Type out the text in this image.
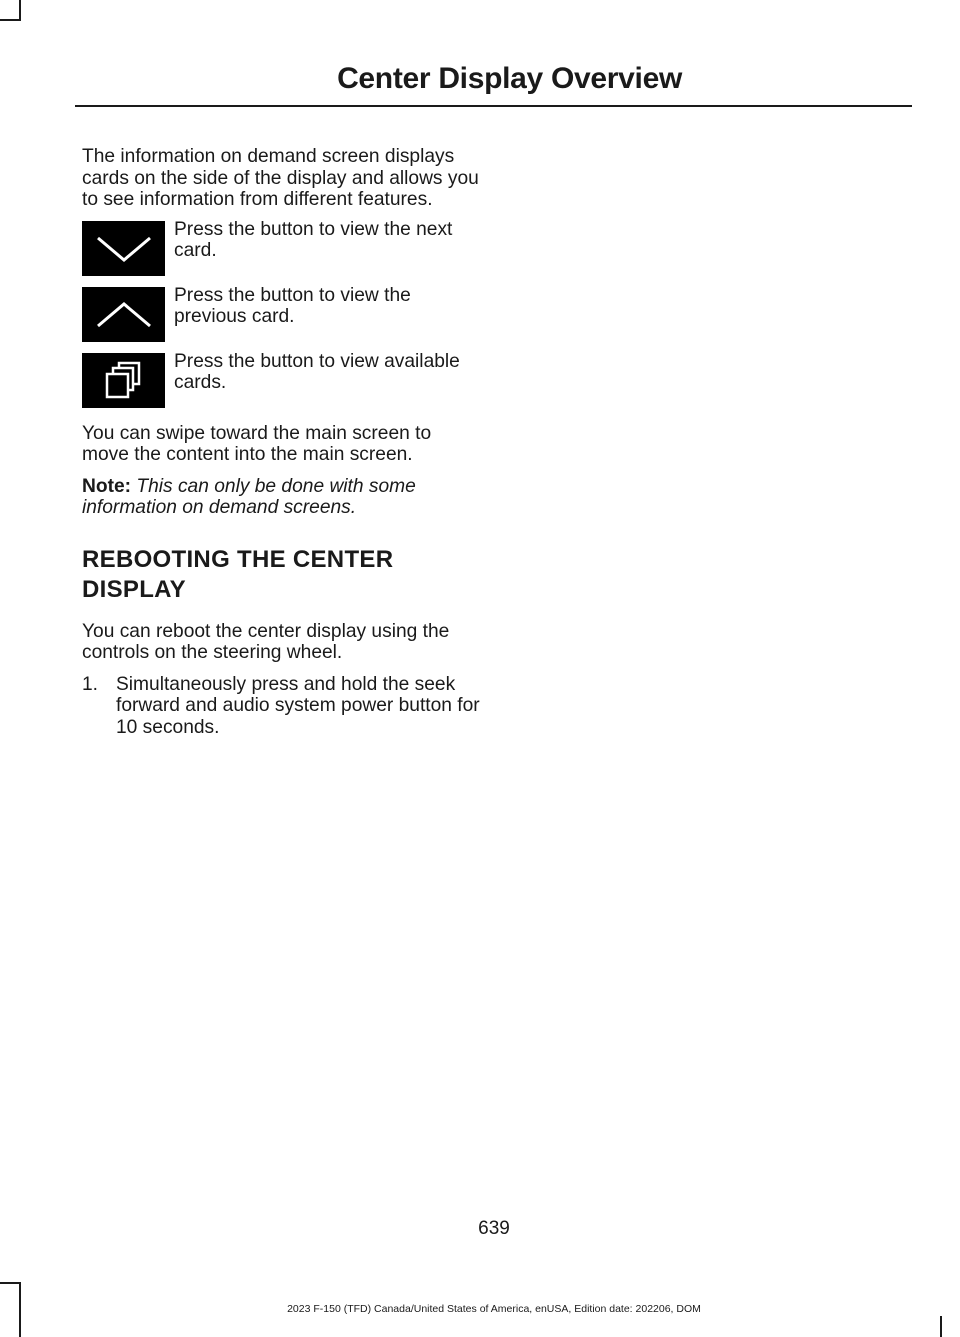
Center Display Overview

The information on demand screen displays cards on the side of the display and allows you to see information from different features.

Press the button to view the next card.
Press the button to view the previous card.
Press the button to view available cards.

You can swipe toward the main screen to move the content into the main screen.

Note: This can only be done with some information on demand screens.

REBOOTING THE CENTER
DISPLAY

You can reboot the center display using the controls on the steering wheel.

1. Simultaneously press and hold the seek forward and audio system power button for 10 seconds.
639
2023 F-150 (TFD) Canada/United States of America, enUSA, Edition date: 202206, DOM
